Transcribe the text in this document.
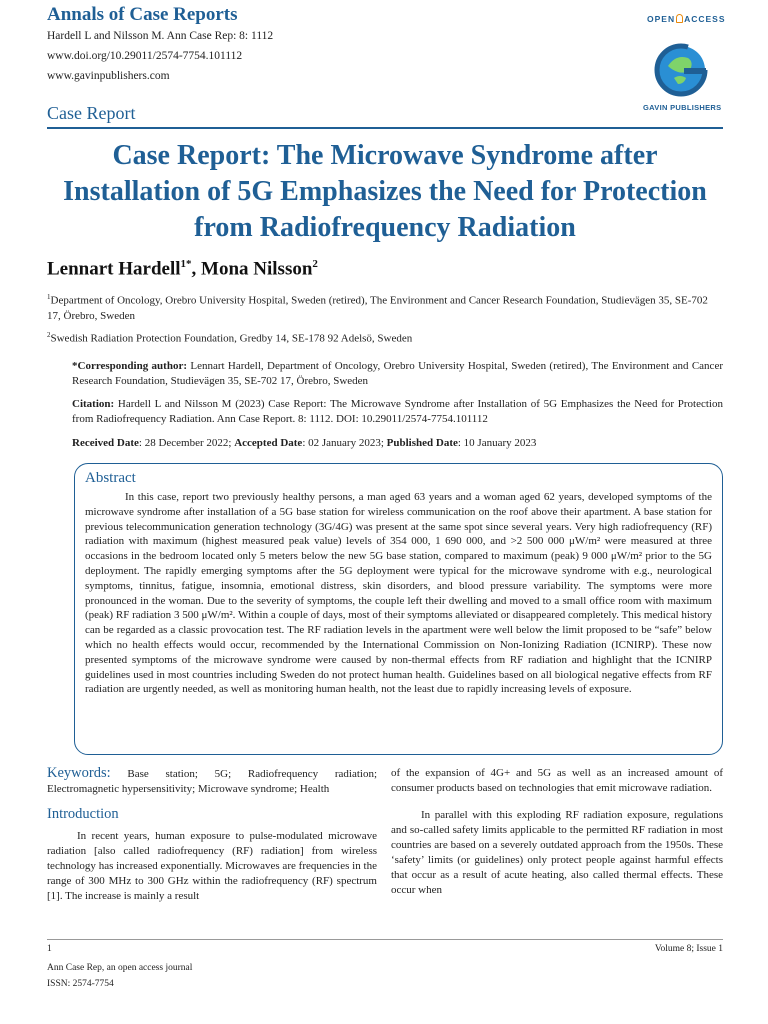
Annals of Case Reports
Hardell L and Nilsson M. Ann Case Rep: 8: 1112
www.doi.org/10.29011/2574-7754.101112
www.gavinpublishers.com
OPEN ACCESS
GAVIN PUBLISHERS
Case Report
Case Report: The Microwave Syndrome after Installation of 5G Emphasizes the Need for Protection from Radiofrequency Radiation
Lennart Hardell$^{1*}$, Mona Nilsson$^2$
$^1$Department of Oncology, Orebro University Hospital, Sweden (retired), The Environment and Cancer Research Foundation, Studievägen 35, SE-702 17, Örebro, Sweden
$^2$Swedish Radiation Protection Foundation, Gredby 14, SE-178 92 Adelsö, Sweden
*Corresponding author: Lennart Hardell, Department of Oncology, Orebro University Hospital, Sweden (retired), The Environment and Cancer Research Foundation, Studievägen 35, SE-702 17, Örebro, Sweden
Citation: Hardell L and Nilsson M (2023) Case Report: The Microwave Syndrome after Installation of 5G Emphasizes the Need for Protection from Radiofrequency Radiation. Ann Case Report. 8: 1112. DOI: 10.29011/2574-7754.101112
Received Date: 28 December 2022; Accepted Date: 02 January 2023; Published Date: 10 January 2023
Abstract
In this case, report two previously healthy persons, a man aged 63 years and a woman aged 62 years, developed symptoms of the microwave syndrome after installation of a 5G base station for wireless communication on the roof above their apartment. A base station for previous telecommunication generation technology (3G/4G) was present at the same spot since several years. Very high radiofrequency (RF) radiation with maximum (highest measured peak value) levels of 354 000, 1 690 000, and >2 500 000 μW/m² were measured at three occasions in the bedroom located only 5 meters below the new 5G base station, compared to maximum (peak) 9 000 μW/m² prior to the 5G deployment. The rapidly emerging symptoms after the 5G deployment were typical for the microwave syndrome with e.g., neurological symptoms, tinnitus, fatigue, insomnia, emotional distress, skin disorders, and blood pressure variability. The symptoms were more pronounced in the woman. Due to the severity of symptoms, the couple left their dwelling and moved to a small office room with maximum (peak) RF radiation 3 500 μW/m². Within a couple of days, most of their symptoms alleviated or disappeared completely. This medical history can be regarded as a classic provocation test. The RF radiation levels in the apartment were well below the limit proposed to be “safe” below which no health effects would occur, recommended by the International Commission on Non-Ionizing Radiation (ICNIRP). These now presented symptoms of the microwave syndrome were caused by non-thermal effects from RF radiation and highlight that the ICNIRP guidelines used in most countries including Sweden do not protect human health. Guidelines based on all biological negative effects from RF radiation are urgently needed, as well as monitoring human health, not the least due to rapidly increasing levels of exposure.
Keywords: Base station; 5G; Radiofrequency radiation; Electromagnetic hypersensitivity; Microwave syndrome; Health
Introduction
In recent years, human exposure to pulse-modulated microwave radiation [also called radiofrequency (RF) radiation] from wireless technology has increased exponentially. Microwaves are frequencies in the range of 300 MHz to 300 GHz within the radiofrequency (RF) spectrum [1]. The increase is mainly a result
of the expansion of 4G+ and 5G as well as an increased amount of consumer products based on technologies that emit microwave radiation.
In parallel with this exploding RF radiation exposure, regulations and so-called safety limits applicable to the permitted RF radiation in most countries are based on a severely outdated approach from the 1950s. These ‘safety’ limits (or guidelines) only protect people against harmful effects that occur as a result of acute heating, also called thermal effects. These occur when
1	Volume 8; Issue 1
Ann Case Rep, an open access journal
ISSN: 2574-7754
